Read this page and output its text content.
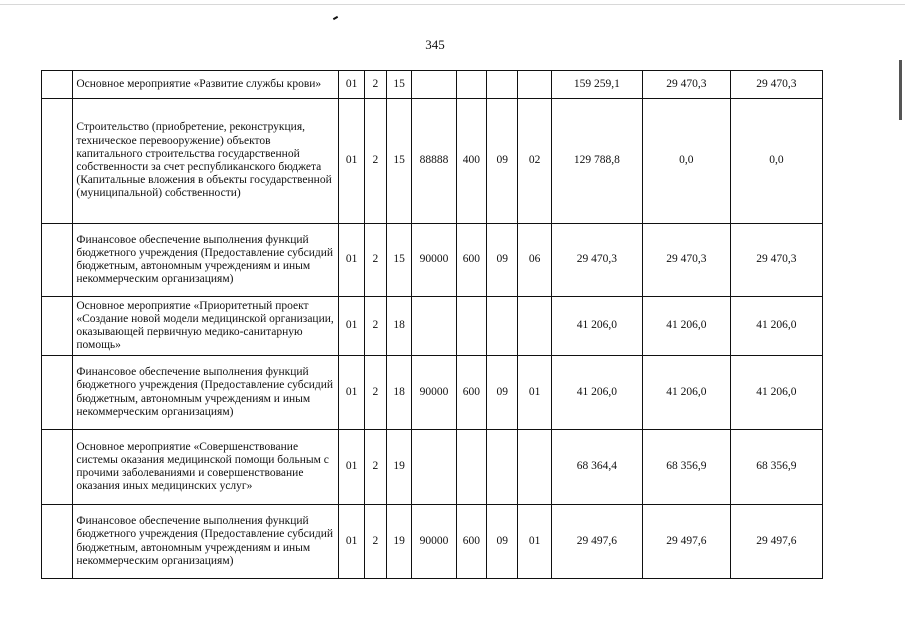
345
	Основное мероприятие «Развитие службы крови»	01	2	15					159 259,1	29 470,3	29 470,3
	Строительство (приобретение, реконструкция, техническое перевооружение) объектов капитального строительства государственной собственности за счет республиканского бюджета (Капитальные вложения в объекты государственной (муниципальной) собственности)	01	2	15	88888	400	09	02	129 788,8	0,0	0,0
	Финансовое обеспечение выполнения функций бюджетного учреждения (Предоставление субсидий бюджетным, автономным учреждениям и иным некоммерческим организациям)	01	2	15	90000	600	09	06	29 470,3	29 470,3	29 470,3
	Основное мероприятие «Приоритетный проект «Создание новой модели медицинской организации, оказывающей первичную медико-санитарную помощь»	01	2	18					41 206,0	41 206,0	41 206,0
	Финансовое обеспечение выполнения функций бюджетного учреждения (Предоставление субсидий бюджетным, автономным учреждениям и иным некоммерческим организациям)	01	2	18	90000	600	09	01	41 206,0	41 206,0	41 206,0
	Основное мероприятие «Совершенствование системы оказания медицинской помощи больным с прочими заболеваниями и совершенствование оказания иных медицинских услуг»	01	2	19					68 364,4	68 356,9	68 356,9
	Финансовое обеспечение выполнения функций бюджетного учреждения (Предоставление субсидий бюджетным, автономным учреждениям и иным некоммерческим организациям)	01	2	19	90000	600	09	01	29 497,6	29 497,6	29 497,6
